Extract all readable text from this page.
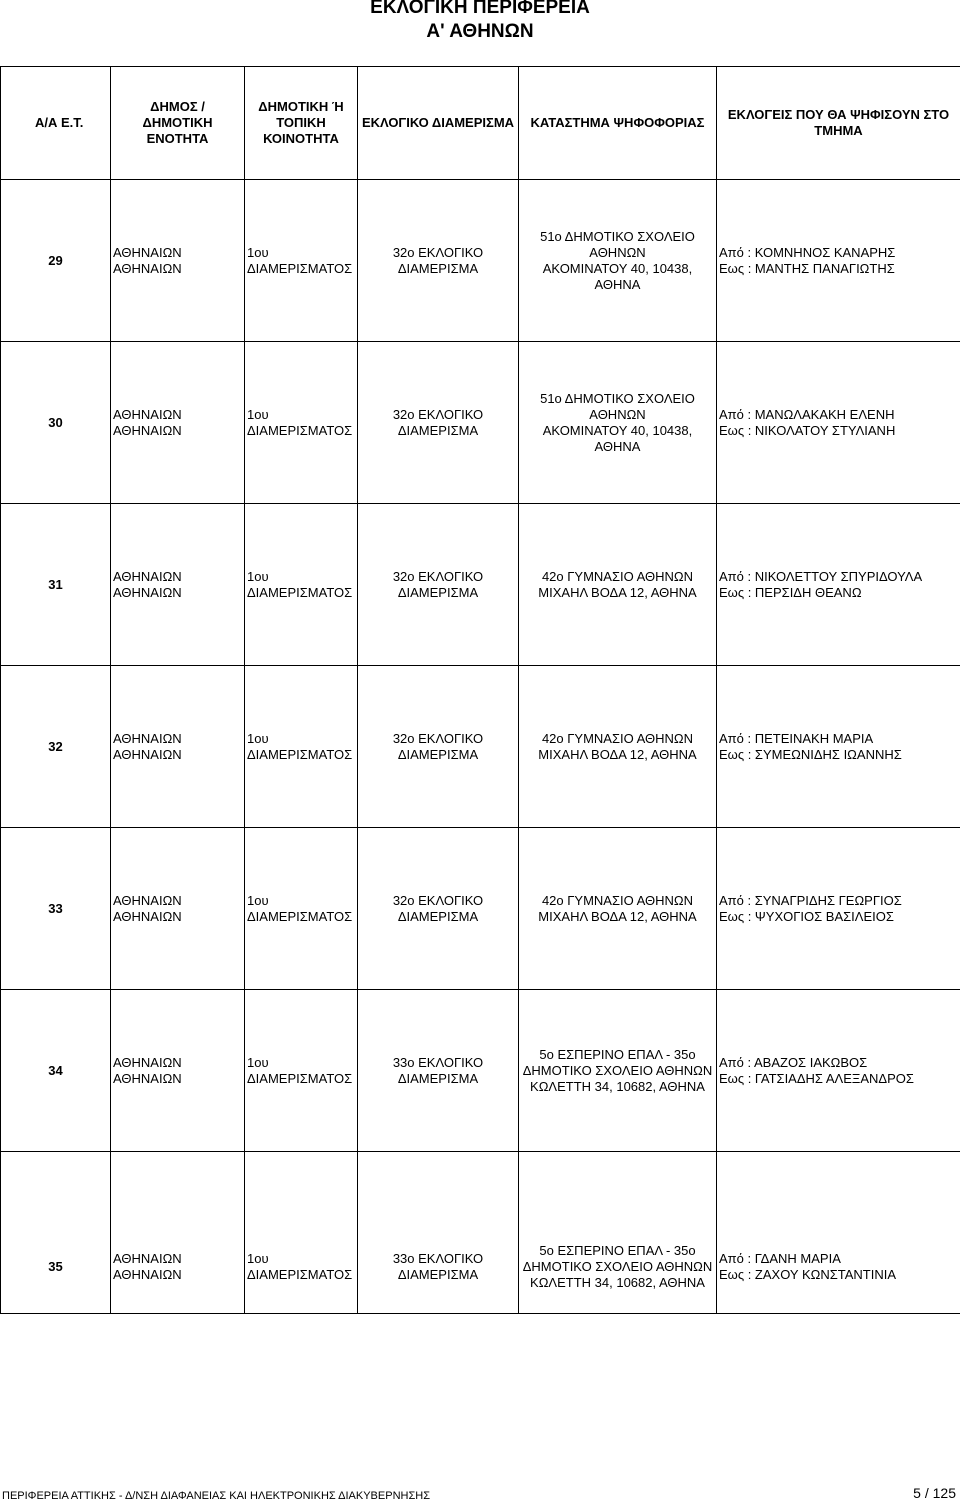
ΕΚΛΟΓΙΚΗ ΠΕΡΙΦΕΡΕΙΑ
Α' ΑΘΗΝΩΝ
Α/Α Ε.Τ.	ΔΗΜΟΣ /
ΔΗΜΟΤΙΚΗ
ΕΝΟΤΗΤΑ	ΔΗΜΟΤΙΚΗ Ή
ΤΟΠΙΚΗ
ΚΟΙΝΟΤΗΤΑ	ΕΚΛΟΓΙΚΟ ΔΙΑΜΕΡΙΣΜΑ	ΚΑΤΑΣΤΗΜΑ ΨΗΦΟΦΟΡΙΑΣ	ΕΚΛΟΓΕΙΣ ΠΟΥ ΘΑ ΨΗΦΙΣΟΥΝ ΣΤΟ
ΤΜΗΜΑ

29	ΑΘΗΝΑΙΩΝ
ΑΘΗΝΑΙΩΝ	1ου
ΔΙΑΜΕΡΙΣΜΑΤΟΣ	32ο ΕΚΛΟΓΙΚΟ
ΔΙΑΜΕΡΙΣΜΑ	51ο ΔΗΜΟΤΙΚΟ ΣΧΟΛΕΙΟ
ΑΘΗΝΩΝ
ΑΚΟΜΙΝΑΤΟΥ 40, 10438,
ΑΘΗΝΑ	Από : ΚΟΜΝΗΝΟΣ ΚΑΝΑΡΗΣ
Εως : ΜΑΝΤΗΣ ΠΑΝΑΓΙΩΤΗΣ

30	ΑΘΗΝΑΙΩΝ
ΑΘΗΝΑΙΩΝ	1ου
ΔΙΑΜΕΡΙΣΜΑΤΟΣ	32ο ΕΚΛΟΓΙΚΟ
ΔΙΑΜΕΡΙΣΜΑ	51ο ΔΗΜΟΤΙΚΟ ΣΧΟΛΕΙΟ
ΑΘΗΝΩΝ
ΑΚΟΜΙΝΑΤΟΥ 40, 10438,
ΑΘΗΝΑ	Από : ΜΑΝΩΛΑΚΑΚΗ ΕΛΕΝΗ
Εως : ΝΙΚΟΛΑΤΟΥ ΣΤΥΛΙΑΝΗ

31	ΑΘΗΝΑΙΩΝ
ΑΘΗΝΑΙΩΝ	1ου
ΔΙΑΜΕΡΙΣΜΑΤΟΣ	32ο ΕΚΛΟΓΙΚΟ
ΔΙΑΜΕΡΙΣΜΑ	42ο ΓΥΜΝΑΣΙΟ ΑΘΗΝΩΝ
ΜΙΧΑΗΛ ΒΟΔΑ 12, ΑΘΗΝΑ	Από : ΝΙΚΟΛΕΤΤΟΥ ΣΠΥΡΙΔΟΥΛΑ
Εως : ΠΕΡΣΙΔΗ ΘΕΑΝΩ

32	ΑΘΗΝΑΙΩΝ
ΑΘΗΝΑΙΩΝ	1ου
ΔΙΑΜΕΡΙΣΜΑΤΟΣ	32ο ΕΚΛΟΓΙΚΟ
ΔΙΑΜΕΡΙΣΜΑ	42ο ΓΥΜΝΑΣΙΟ ΑΘΗΝΩΝ
ΜΙΧΑΗΛ ΒΟΔΑ 12, ΑΘΗΝΑ	Από : ΠΕΤΕΙΝΑΚΗ ΜΑΡΙΑ
Εως : ΣΥΜΕΩΝΙΔΗΣ ΙΩΑΝΝΗΣ

33	ΑΘΗΝΑΙΩΝ
ΑΘΗΝΑΙΩΝ	1ου
ΔΙΑΜΕΡΙΣΜΑΤΟΣ	32ο ΕΚΛΟΓΙΚΟ
ΔΙΑΜΕΡΙΣΜΑ	42ο ΓΥΜΝΑΣΙΟ ΑΘΗΝΩΝ
ΜΙΧΑΗΛ ΒΟΔΑ 12, ΑΘΗΝΑ	Από : ΣΥΝΑΓΡΙΔΗΣ ΓΕΩΡΓΙΟΣ
Εως : ΨΥΧΟΓΙΟΣ ΒΑΣΙΛΕΙΟΣ

34	ΑΘΗΝΑΙΩΝ
ΑΘΗΝΑΙΩΝ	1ου
ΔΙΑΜΕΡΙΣΜΑΤΟΣ	33ο ΕΚΛΟΓΙΚΟ
ΔΙΑΜΕΡΙΣΜΑ	5ο ΕΣΠΕΡΙΝΟ ΕΠΑΛ - 35ο
ΔΗΜΟΤΙΚΟ ΣΧΟΛΕΙΟ ΑΘΗΝΩΝ
ΚΩΛΕΤΤΗ 34, 10682, ΑΘΗΝΑ	Από : ΑΒΑΖΟΣ ΙΑΚΩΒΟΣ
Εως : ΓΑΤΣΙΑΔΗΣ ΑΛΕΞΑΝΔΡΟΣ

35	ΑΘΗΝΑΙΩΝ
ΑΘΗΝΑΙΩΝ	1ου
ΔΙΑΜΕΡΙΣΜΑΤΟΣ	33ο ΕΚΛΟΓΙΚΟ
ΔΙΑΜΕΡΙΣΜΑ	5ο ΕΣΠΕΡΙΝΟ ΕΠΑΛ - 35ο
ΔΗΜΟΤΙΚΟ ΣΧΟΛΕΙΟ ΑΘΗΝΩΝ
ΚΩΛΕΤΤΗ 34, 10682, ΑΘΗΝΑ	Από : ΓΔΑΝΗ ΜΑΡΙΑ
Εως : ΖΑΧΟΥ ΚΩΝΣΤΑΝΤΙΝΙΑ
ΠΕΡΙΦΕΡΕΙΑ ΑΤΤΙΚΗΣ - Δ/ΝΣΗ ΔΙΑΦΑΝΕΙΑΣ ΚΑΙ ΗΛΕΚΤΡΟΝΙΚΗΣ ΔΙΑΚΥΒΕΡΝΗΣΗΣ	5 / 125
